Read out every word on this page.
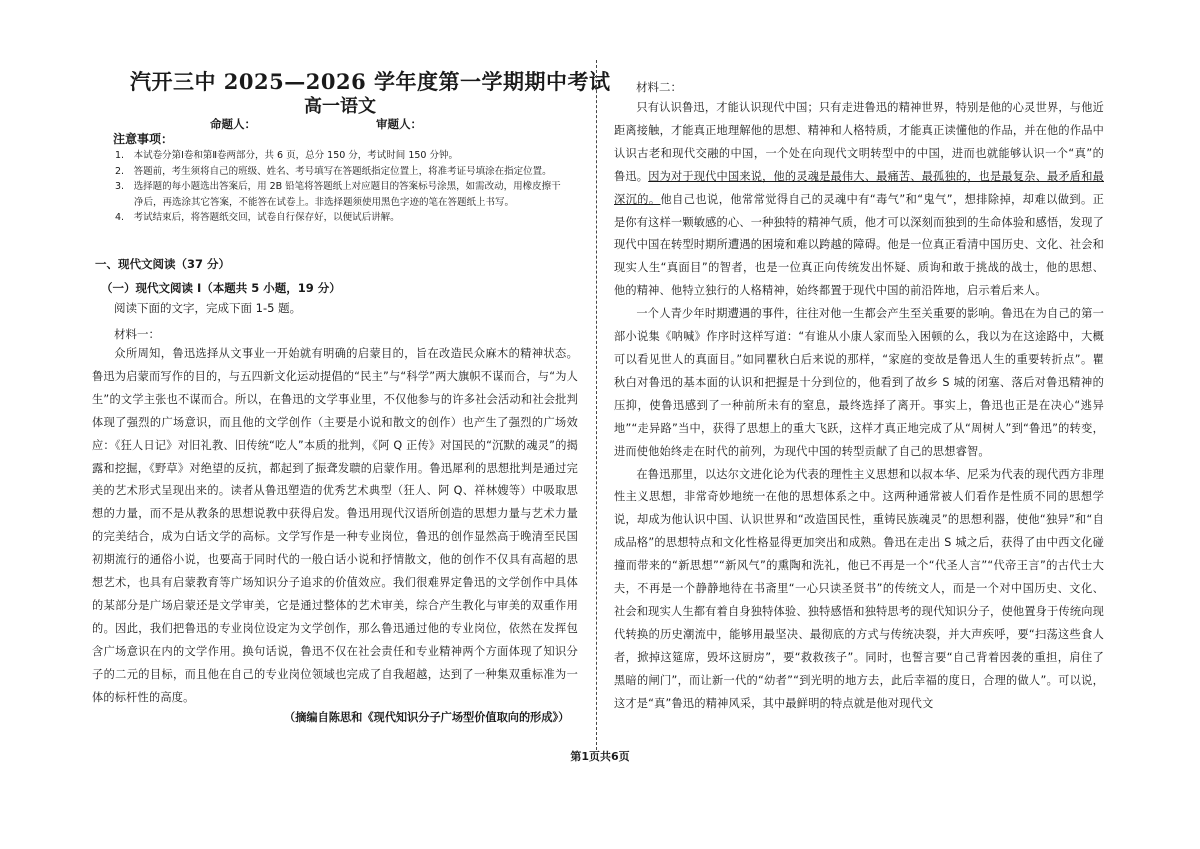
汽开三中 2025—2026 学年度第一学期期中考试
高一语文
命题人：	审题人：
注意事项：
1.　本试卷分第Ⅰ卷和第Ⅱ卷两部分，共 6 页，总分 150 分，考试时间 150 分钟。
2.　答题前，考生须将自己的班级、姓名、考号填写在答题纸指定位置上，将准考证号填涂在指定位置。
3.　选择题的每小题选出答案后，用 2B 铅笔将答题纸上对应题目的答案标号涂黑，如需改动，用橡皮擦干
　　净后，再选涂其它答案，不能答在试卷上。非选择题须使用黑色字迹的笔在答题纸上书写。
4.　考试结束后，将答题纸交回，试卷自行保存好，以便试后讲解。
一、现代文阅读（37 分）
（一）现代文阅读 Ⅰ（本题共 5 小题，19 分）
阅读下面的文字，完成下面 1-5 题。
材料一：

众所周知，鲁迅选择从文事业一开始就有明确的启蒙目的，旨在改造民众麻木的精神状态。鲁迅为启蒙而写作的目的，与五四新文化运动提倡的“民主”与“科学”两大旗帜不谋而合，与“为人生”的文学主张也不谋而合。所以，在鲁迅的文学事业里，不仅他参与的许多社会活动和社会批判体现了强烈的广场意识，而且他的文学创作（主要是小说和散文的创作）也产生了强烈的广场效应：《狂人日记》对旧礼教、旧传统“吃人”本质的批判，《阿 Q 正传》对国民的“沉默的魂灵”的揭露和挖掘，《野草》对绝望的反抗，都起到了振聋发聩的启蒙作用。鲁迅犀利的思想批判是通过完美的艺术形式呈现出来的。读者从鲁迅塑造的优秀艺术典型（狂人、阿 Q、祥林嫂等）中吸取思想的力量，而不是从教条的思想说教中获得启发。鲁迅用现代汉语所创造的思想力量与艺术力量的完美结合，成为白话文学的高标。文学写作是一种专业岗位，鲁迅的创作显然高于晚清至民国初期流行的通俗小说，也要高于同时代的一般白话小说和抒情散文，他的创作不仅具有高超的思想艺术，也具有启蒙教育等广场知识分子追求的价值效应。我们很难界定鲁迅的文学创作中具体的某部分是广场启蒙还是文学审美，它是通过整体的艺术审美，综合产生教化与审美的双重作用的。因此，我们把鲁迅的专业岗位设定为文学创作，那么鲁迅通过他的专业岗位，依然在发挥包含广场意识在内的文学作用。换句话说，鲁迅不仅在社会责任和专业精神两个方面体现了知识分子的二元的目标，而且他在自己的专业岗位领域也完成了自我超越，达到了一种集双重标准为一体的标杆性的高度。

（摘编自陈思和《现代知识分子广场型价值取向的形成》）
材料二：

只有认识鲁迅，才能认识现代中国；只有走进鲁迅的精神世界，特别是他的心灵世界，与他近距离接触，才能真正地理解他的思想、精神和人格特质，才能真正读懂他的作品，并在他的作品中认识古老和现代交融的中国，一个处在向现代文明转型中的中国，进而也就能够认识一个“真”的鲁迅。因为对于现代中国来说，他的灵魂是最伟大、最痛苦、最孤独的，也是最复杂、最矛盾和最深沉的。他自己也说，他常常觉得自己的灵魂中有“毒气”和“鬼气”，想排除掉，却难以做到。正是你有这样一颗敏感的心、一种独特的精神气质，他才可以深刻而独到的生命体验和感悟，发现了现代中国在转型时期所遭遇的困境和难以跨越的障碍。他是一位真正看清中国历史、文化、社会和现实人生“真面目”的智者，也是一位真正向传统发出怀疑、质询和敢于挑战的战士，他的思想、他的精神、他特立独行的人格精神，始终都置于现代中国的前沿阵地，启示着后来人。

一个人青少年时期遭遇的事件，往往对他一生都会产生至关重要的影响。鲁迅在为自己的第一部小说集《呐喊》作序时这样写道：“有谁从小康人家而坠入困顿的么，我以为在这途路中，大概可以看见世人的真面目。”如同瞿秋白后来说的那样，“家庭的变故是鲁迅人生的重要转折点”。瞿秋白对鲁迅的基本面的认识和把握是十分到位的，他看到了故乡 S 城的闭塞、落后对鲁迅精神的压抑，使鲁迅感到了一种前所未有的窒息，最终选择了离开。事实上，鲁迅也正是在决心“逃异地”“走异路”当中，获得了思想上的重大飞跃，这样才真正地完成了从“周树人”到“鲁迅”的转变，进而使他始终走在时代的前列，为现代中国的转型贡献了自己的思想睿智。

在鲁迅那里，以达尔文进化论为代表的理性主义思想和以叔本华、尼采为代表的现代西方非理性主义思想，非常奇妙地统一在他的思想体系之中。这两种通常被人们看作是性质不同的思想学说，却成为他认识中国、认识世界和“改造国民性，重铸民族魂灵”的思想利器，使他“独异”和“自成品格”的思想特点和文化性格显得更加突出和成熟。鲁迅在走出 S 城之后，获得了由中西文化碰撞而带来的“新思想”“新风气”的熏陶和洗礼，他已不再是一个“代圣人言”“代帝王言”的古代士大夫，不再是一个静静地待在书斋里“一心只读圣贤书”的传统文人，而是一个对中国历史、文化、社会和现实人生都有着自身独特体验、独特感悟和独特思考的现代知识分子，使他置身于传统向现代转换的历史潮流中，能够用最坚决、最彻底的方式与传统决裂，并大声疾呼，要“扫荡这些食人者，掀掉这筵席，毁坏这厨房”，要“救救孩子”。同时，也誓言要“自己背着因袭的重担，肩住了黑暗的闸门”，而让新一代的“幼者”“到光明的地方去，此后幸福的度日，合理的做人”。可以说，这才是“真”鲁迅的精神风采，其中最鲜明的特点就是他对现代文

第1页共6页
